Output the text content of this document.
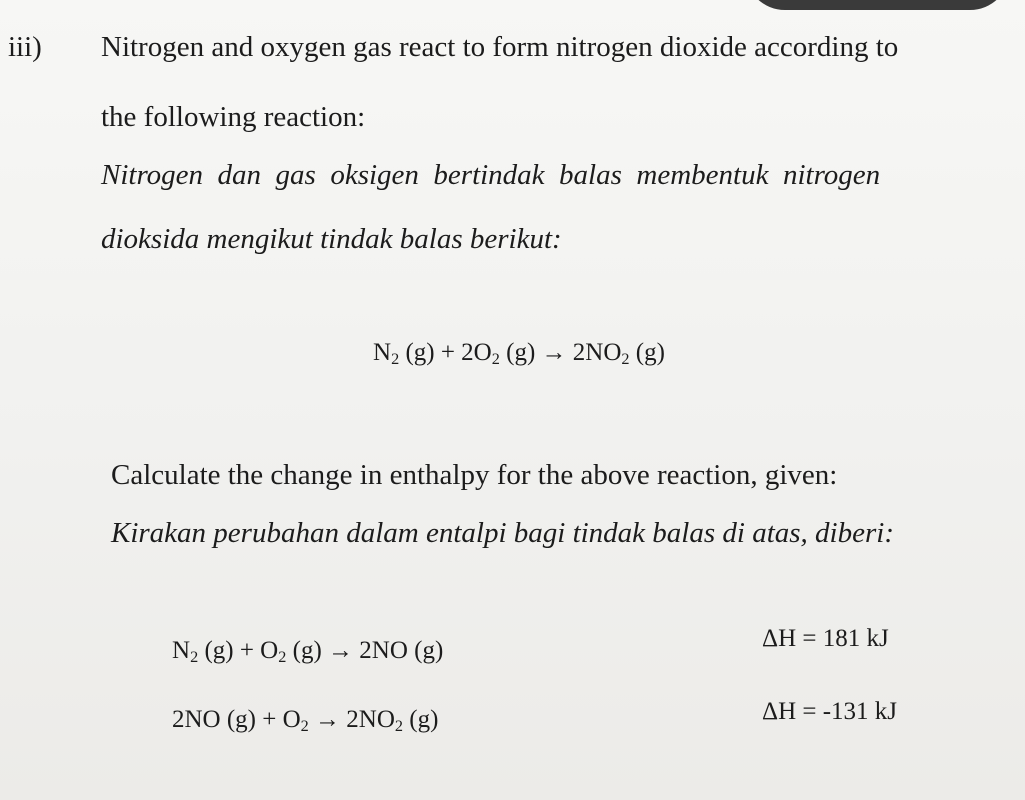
iii) Nitrogen and oxygen gas react to form nitrogen dioxide according to
the following reaction:
Nitrogen  dan  gas  oksigen  bertindak  balas  membentuk  nitrogen
dioksida mengikut tindak balas berikut:
$N_2$ $(g) + 2O_2$ $(g) \to 2NO_2$ (g)
Calculate the change in enthalpy for the above reaction, given:
Kirakan perubahan dalam entalpi bagi tindak balas di atas, diberi:
$N_2$ $(g) + O_2$ (g) → 2NO (g)	ΔH = 181 kJ
2NO $(g) + O_2 \to 2NO_2$ (g)	ΔH = -131 kJ
